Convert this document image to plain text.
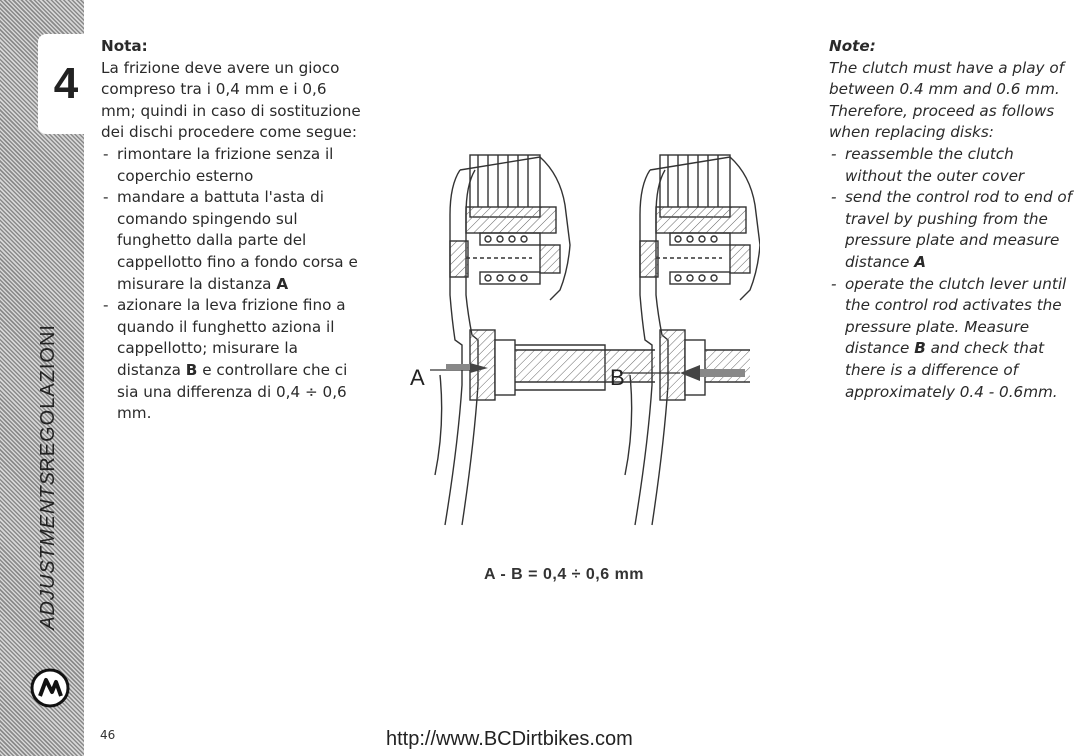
4
REGOLAZIONI
ADJUSTMENTS

Nota:

La frizione deve avere un gioco compreso tra i 0,4 mm e i 0,6 mm; quindi in caso di sostituzione dei dischi procedere come segue:

- rimontare la frizione senza il coperchio esterno
- mandare a battuta l'asta di comando spingendo sul funghetto dalla parte del cappellotto fino a fondo corsa e misurare la distanza A
- azionare la leva frizione fino a quando il funghetto aziona il cappellotto; misurare la distanza B e controllare che ci sia una differenza di 0,4 ÷ 0,6 mm.

Note:

The clutch must have a play of between 0.4 mm and 0.6 mm. Therefore, proceed as follows when replacing disks:

- reassemble the clutch without the outer cover
- send the control rod to end of travel by pushing from the pressure plate and measure distance A
- operate the clutch lever until the control rod activates the pressure plate. Measure distance B and check that there is a difference of approximately 0.4 - 0.6mm.
A	B
A - B = 0,4 ÷ 0,6 mm
46	http://www.BCDirtbikes.com
